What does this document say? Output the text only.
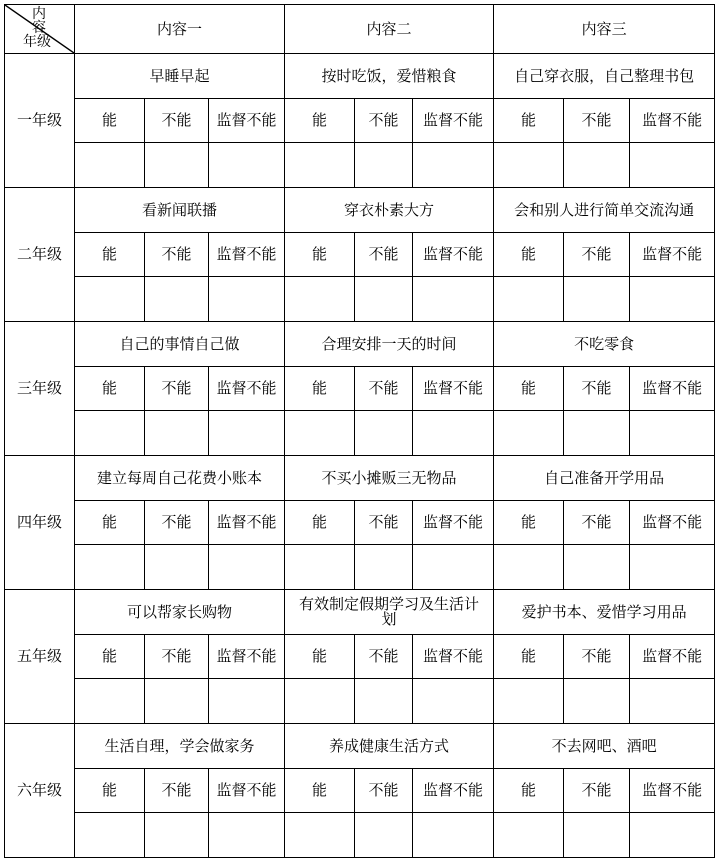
内容
年级	内容一			内容二			内容三		
一年级	早睡早起			按时吃饭，爱惜粮食			自己穿衣服，自己整理书包		
	能	不能	监督不能	能	不能	监督不能	能	不能	监督不能

二年级	看新闻联播			穿衣朴素大方			会和别人进行简单交流沟通		
	能	不能	监督不能	能	不能	监督不能	能	不能	监督不能

三年级	自己的事情自己做			合理安排一天的时间			不吃零食		
	能	不能	监督不能	能	不能	监督不能	能	不能	监督不能

四年级	建立每周自己花费小账本			不买小摊贩三无物品			自己准备开学用品		
	能	不能	监督不能	能	不能	监督不能	能	不能	监督不能

五年级	可以帮家长购物			有效制定假期学习及生活计划			爱护书本、爱惜学习用品		
	能	不能	监督不能	能	不能	监督不能	能	不能	监督不能

六年级	生活自理，学会做家务			养成健康生活方式			不去网吧、酒吧		
	能	不能	监督不能	能	不能	监督不能	能	不能	监督不能
